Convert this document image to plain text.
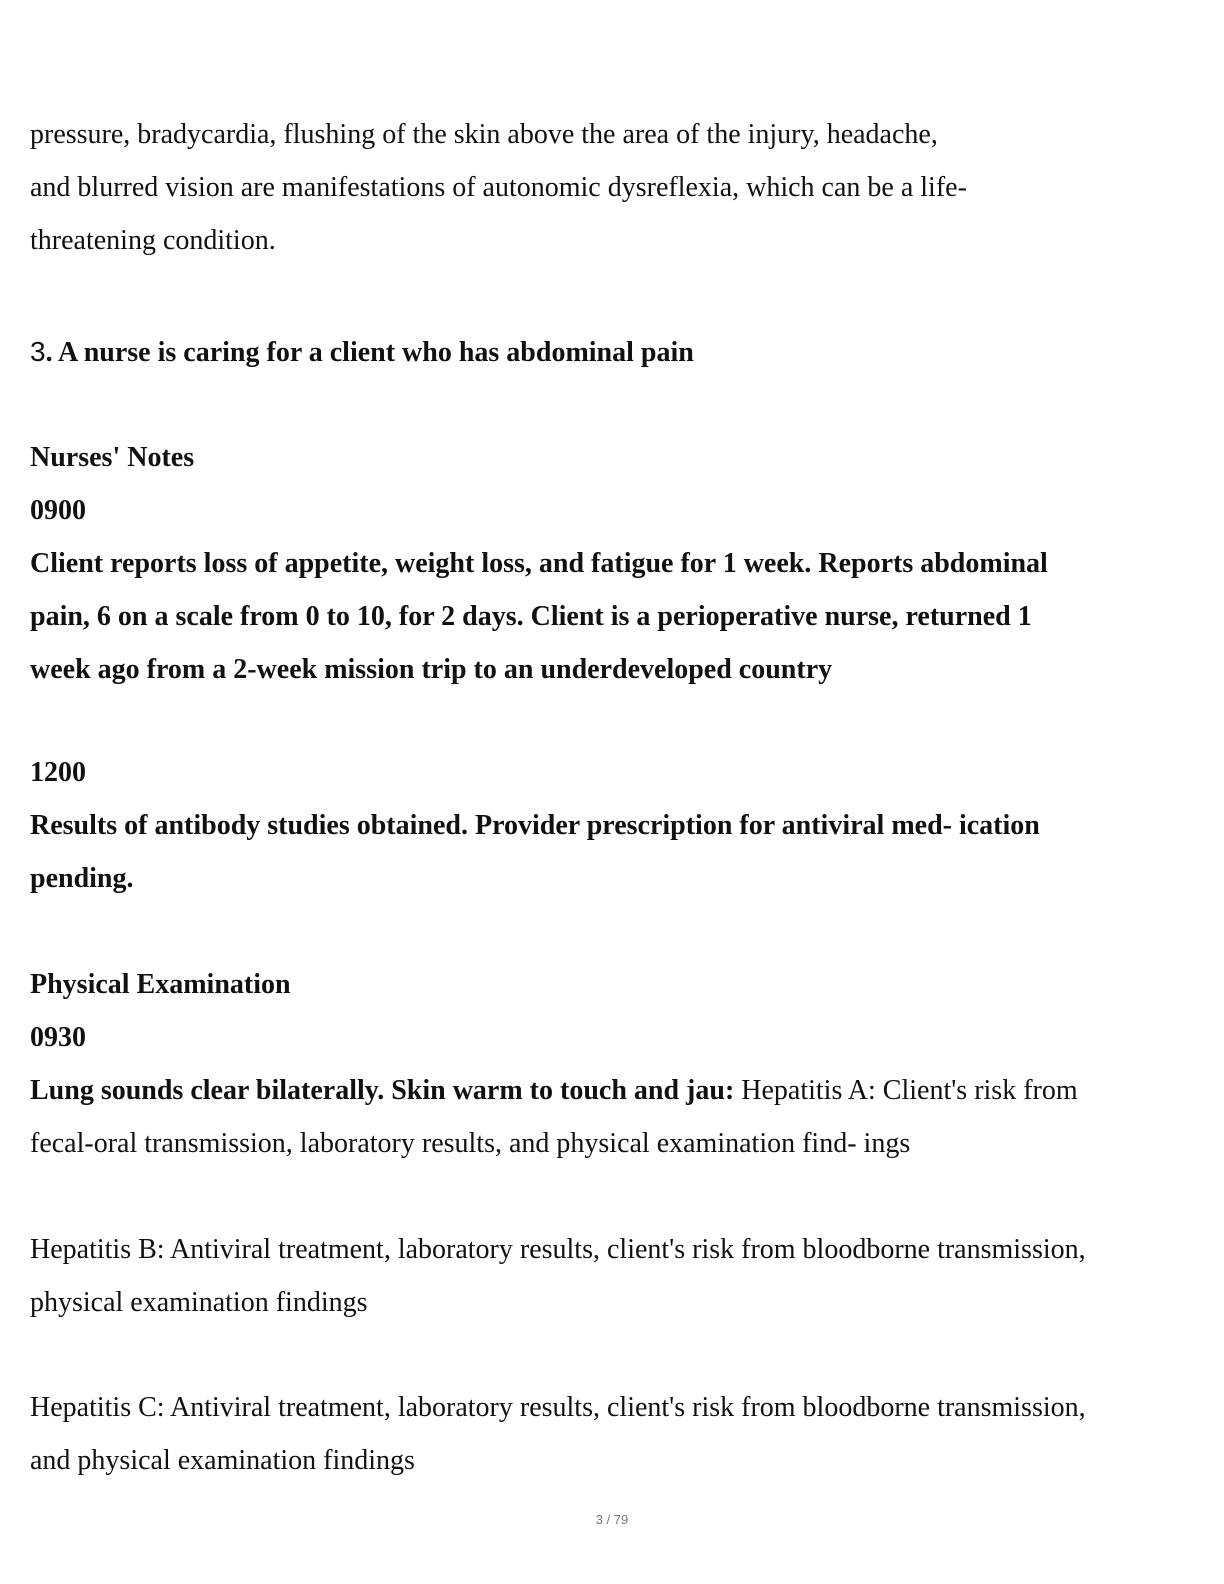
pressure, bradycardia, flushing of the skin above the area of the injury, headache,
and blurred vision are manifestations of autonomic dysreflexia, which can be a life-
threatening condition.
3. A nurse is caring for a client who has abdominal pain
Nurses' Notes
0900
Client reports loss of appetite, weight loss, and fatigue for 1 week. Reports abdominal
pain, 6 on a scale from 0 to 10, for 2 days. Client is a perioperative nurse, returned 1
week ago from a 2-week mission trip to an underdeveloped country
1200
Results of antibody studies obtained. Provider prescription for antiviral med- ication
pending.
Physical Examination
0930
Lung sounds clear bilaterally. Skin warm to touch and jau: Hepatitis A: Client's risk from
fecal-oral transmission, laboratory results, and physical examination find- ings
Hepatitis B: Antiviral treatment, laboratory results, client's risk from bloodborne transmission,
physical examination findings
Hepatitis C: Antiviral treatment, laboratory results, client's risk from bloodborne transmission,
and physical examination findings
3 / 79
